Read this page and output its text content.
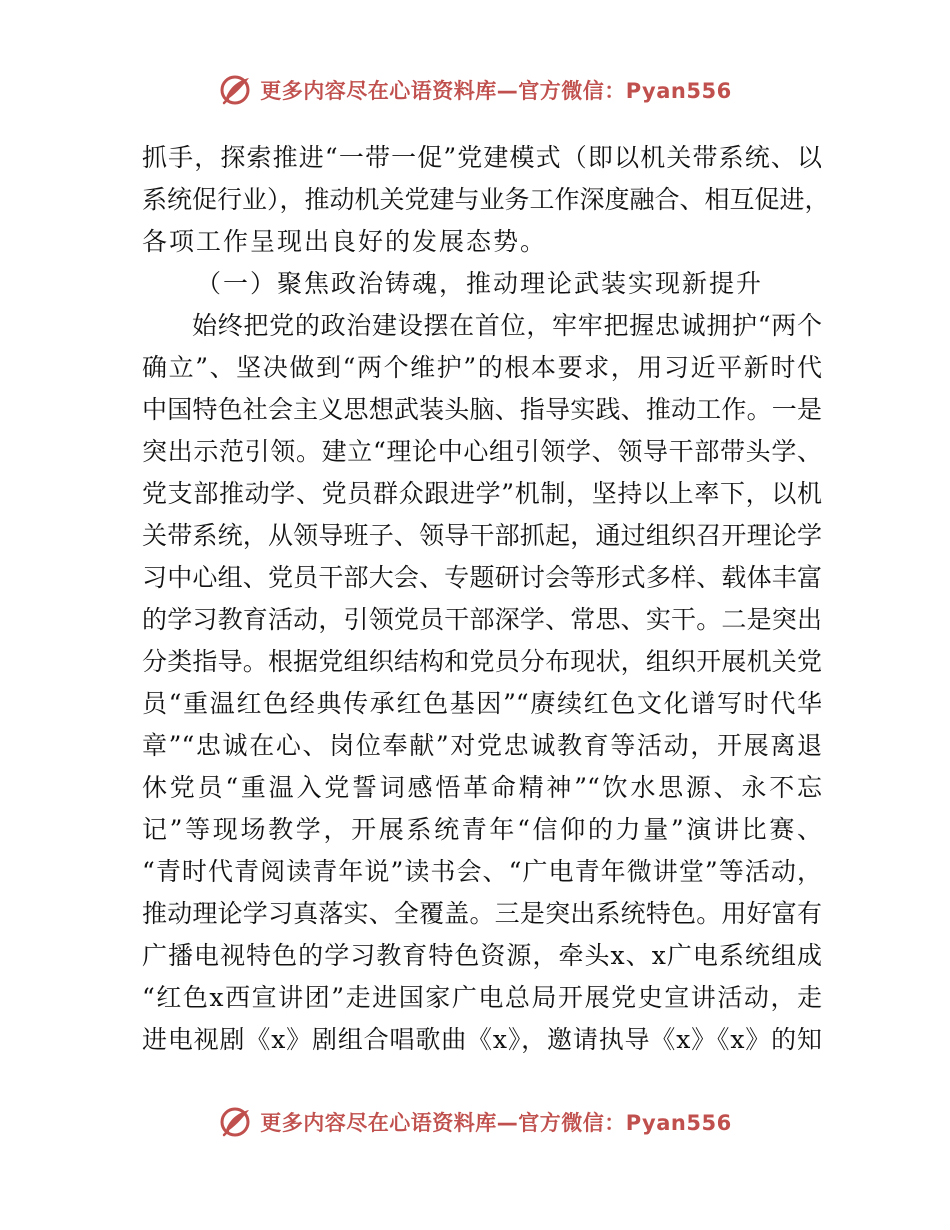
更多内容尽在心语资料库—官方微信：Pyan556
抓手，探索推进“一带一促”党建模式（即以机关带系统、以
系统促行业），推动机关党建与业务工作深度融合、相互促进，
各项工作呈现出良好的发展态势。
（一）聚焦政治铸魂，推动理论武装实现新提升
始终把党的政治建设摆在首位，牢牢把握忠诚拥护“两个
确立”、坚决做到“两个维护”的根本要求，用习近平新时代
中国特色社会主义思想武装头脑、指导实践、推动工作。一是
突出示范引领。建立“理论中心组引领学、领导干部带头学、
党支部推动学、党员群众跟进学”机制，坚持以上率下，以机
关带系统，从领导班子、领导干部抓起，通过组织召开理论学
习中心组、党员干部大会、专题研讨会等形式多样、载体丰富
的学习教育活动，引领党员干部深学、常思、实干。二是突出
分类指导。根据党组织结构和党员分布现状，组织开展机关党
员“重温红色经典传承红色基因”“赓续红色文化谱写时代华
章”“忠诚在心、岗位奉献”对党忠诚教育等活动，开展离退
休党员“重温入党誓词感悟革命精神”“饮水思源、永不忘
记”等现场教学，开展系统青年“信仰的力量”演讲比赛、
“青时代青阅读青年说”读书会、“广电青年微讲堂”等活动，
推动理论学习真落实、全覆盖。三是突出系统特色。用好富有
广播电视特色的学习教育特色资源，牵头x、x广电系统组成
“红色x西宣讲团”走进国家广电总局开展党史宣讲活动，走
进电视剧《x》剧组合唱歌曲《x》，邀请执导《x》《x》的知
更多内容尽在心语资料库—官方微信：Pyan556
